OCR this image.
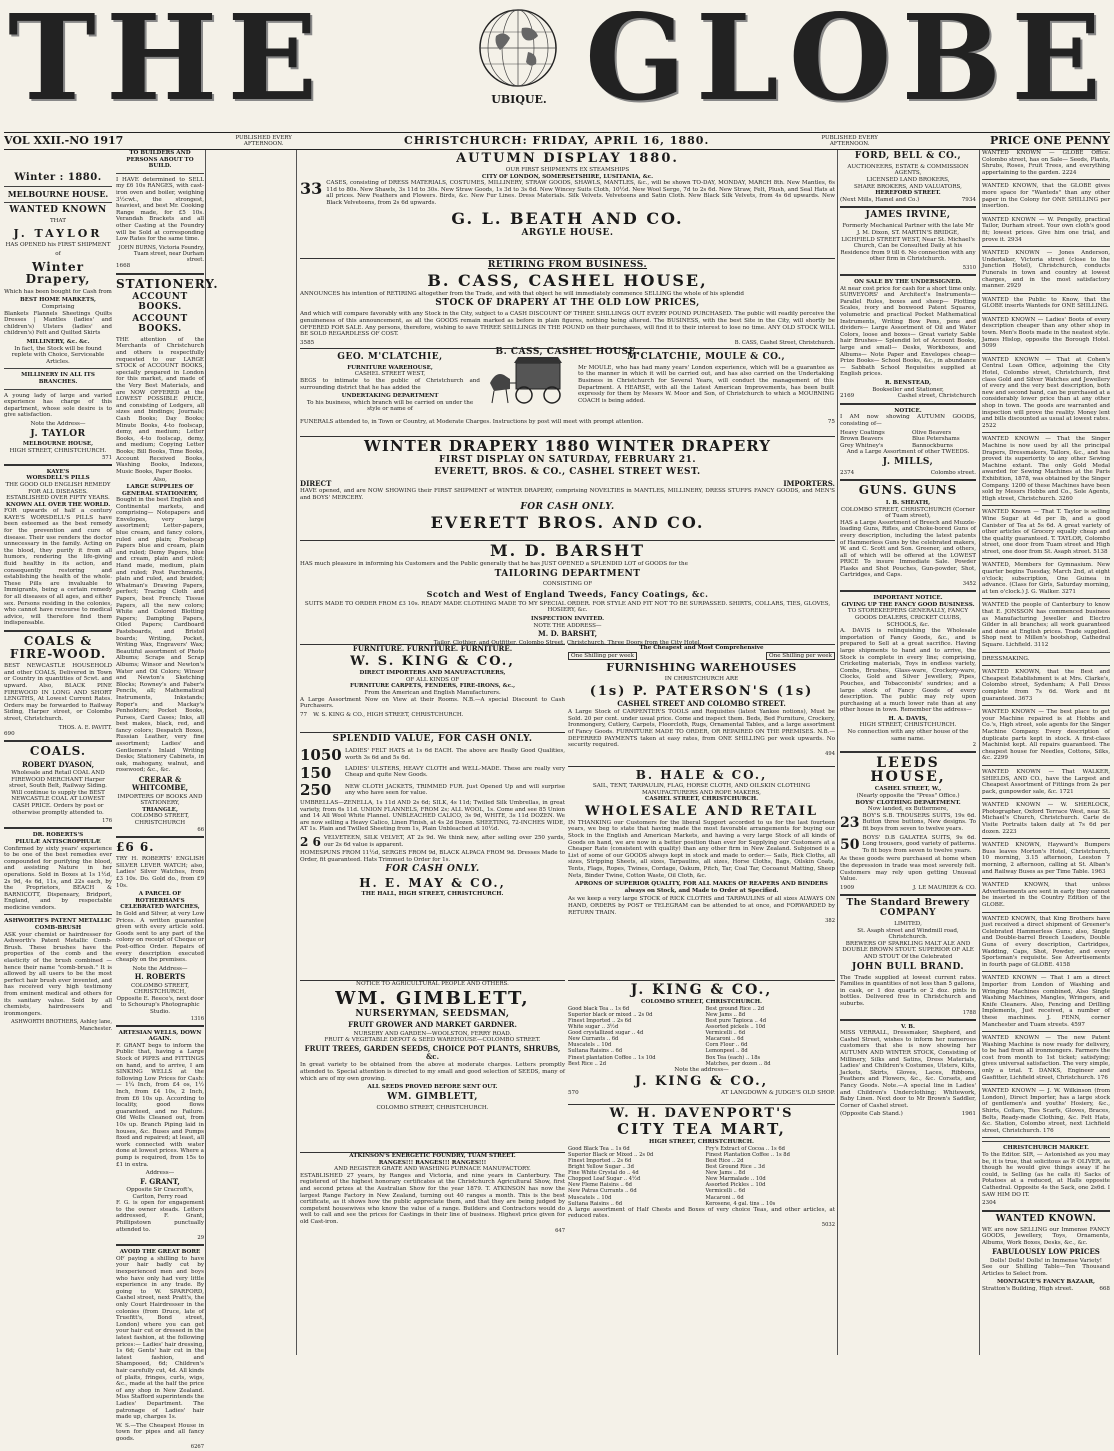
T H E	UBIQUE. G L O B E
VOL XXII.-NO 1917	PUBLISHED EVERY AFTERNOON.	CHRISTCHURCH: FRIDAY, APRIL 16, 1880.	PUBLISHED EVERY AFTERNOON.	PRICE ONE PENNY
Winter : 1880.
MELBOURNE HOUSE.
WANTED KNOWN
THAT
J. TAYLOR

HAS OPENED his FIRST SHIPMENT

of
Winter Drapery,

Which has been bought for Cash from

BEST HOME MARKETS,
Comprising

Blankets Flannels Sheetings Quilts Dresses | Mantles (ladies' and children's) Ulsters (ladies' and children's) Felt and Quilted Skirts

MILLINERY, &c. &c.

In fact, the Stock will be found replete with Choice, Serviceable Articles.

MILLINERY IN ALL ITS BRANCHES.

A young lady of large and varied experience has charge of this department, whose sole desire is to give satisfaction.

Note the Address—
J. TAYLOR
MELBOURNE HOUSE,
HIGH STREET, CHRISTCHURCH.
571
KAYE'S
WORSDELL'S PILLS
THE GOOD OLD ENGLISH REMEDY
FOR ALL DISEASES.
ESTABLISHED OVER FIFTY YEARS.
KNOWN ALL OVER THE WORLD.

FOR upwards of half a century KAYE'S WORSDELL'S PILLS have been esteemed as the best remedy for the prevention and cure of disease. Their use renders the doctor unnecessary in the family. Acting on the blood, they purify it from all humors, rendering the life-giving fluid healthy in its action, and consequently restoring and establishing the health of the whole. These Pills are invaluable to Immigrants, being a certain remedy for all diseases of all ages, and either sex. Persons residing in the colonies, who cannot have recourse to medical advice, will therefore find them indispensable.

COALS & FIRE-WOOD.

BEST NEWCASTLE HOUSEHOLD and other COALS, Delivered in Town or Country in quantities of 5cwt. and upward. Also, BLACK PINE FIREWOOD IN LONG AND SHORT LENGTHS, At Lowest Current Rates. Orders may be forwarded to Railway Siding, Harper street, or Colombo street, Christchurch.

THOS. A. E. PAVITT.
690
COALS.
ROBERT DYASON,

Wholesale and Retail COAL AND FIREWOOD MERCHANT Harper street, South Belt, Railway Siding. Will continue to supply the BEST NEWCASTLE COAL AT LOWEST CASH PRICE. Orders by post or otherwise promptly attended to.

176
DR. ROBERTS'S
PILULÆ ANTISCROPHULÆ

Confirmed by sixty years' experience to be one of the best remedies ever compounded for purifying the blood, and assisting Nature in her operations. Sold in Boxes at 1s 1½d, 2s 9d, 4s 6d, 11s, and 22s each, by the Proprietors, BEACH & BARNICOTT, Dispensary, Bridport, England, and by respectable medicine vendors.

ASHWORTH'S PATENT METALLIC COMB-BRUSH

ASK your chemist or hairdresser for Ashworth's Patent Metallic Comb-Brush. These brushes have the properties of the comb and the elasticity of the brush combined — hence their name "comb-brush." It is allowed by all users to be the most perfect hair brush ever invented, and has received very high testimony from eminent medical and others for its sanitary value. Sold by all chemists, hairdressers and ironmongers.

ASHWORTH BROTHERS, Ashley lane, Manchester.
TO BUILDERS AND PERSONS ABOUT TO BUILD.

I HAVE determined to SELL my £6 10s RANGES, with cast-iron oven and boiler, weighing 3½cwt., the strongest, heaviest, and best Mr. Cooking Range made, for £5 10s. Verandah Brackets and all other Casting at the Foundry will be Sold at corresponding Low Rates for the same time.

JOHN BURNS, Victoria Foundry,
Tuam street, near Durham street.
1668
STATIONERY.
ACCOUNT BOOKS.
ACCOUNT BOOKS.

THE attention of the Merchants of Christchurch and others is respectfully requested to our LARGE STOCK of ACCOUNT BOOKS, specially prepared in London for this market, and made of the Very Best Materials, and are NOW OFFERED at the LOWEST POSSIBLE PRICE, and consisting of Ledgers, all sizes and bindings; Journals; Cash Books; Day Books; Minute Books, 4-to foolscap, demy, and medium; Letter Books, 4-to foolscap, demy, and medium; Copying Letter Books; Bill Books, Time Books, Account Received Books, Washing Books, Indexes, Music Books, Paper Books.

Also,
LARGE SUPPLIES OF GENERAL STATIONERY,

Bought in the best English and Continental markets, and comprising— Notepapers and Envelopes, very large assortment; Letter-papers, blue cream, and fancy colors, ruled and plain; Foolscap Papers blue and cream, plain and ruled; Demy Papers, blue and cream, plain and ruled; Hand made, medium, plain and ruled; Post Parchments, plain and ruled, and braided; Whatman's Drawing Papers, perfect; Tracing Cloth and Papers, best French; Tissue Papers, all the new colors; White and Colored Blotting Papers; Dampting Papers, Oiled Papers; Cardboard Pasteboards, and Bristol boards; Writing, Pocket, Writing Wax, Engravers' Wax; Beautiful assortment of Photo Albums; Scraps and Scrap Albums; Winsor and Newton's Water and Oil Colors; Winsor and Newton's Sketching Blocks; Rowney's and Faber's Pencils, all; Mathematical Instruments, Inkstands; Roper's and Mackay's Penholders; Pocket Books, Purses, Card Cases; Inks, all best makes, black, red, and fancy colors; Despatch Boxes, Russian Leather, very fine assortment; Ladies' and Gentlemen's Inlaid Writing Desks; Stationery Cabinets, in oak, mahogany, walnut, and rosewood; &c., &c.

CRERAR & WHITCOMBE,
IMPORTERS OF BOOKS AND STATIONERY,
TRIANGLE,
COLOMBO STREET, CHRISTCHURCH
66
£6 6.

TRY H. ROBERTS' ENGLISH SILVER LEVER WATCH; also, Ladies' Silver Watches, from £3 10s. Do. Gold do., from £9 10s.

A PARCEL OF ROTHERHAM'S CELEBRATED WATCHES,

In Gold and Silver, at very Low Prices. A written guarantee given with every article sold. Goods sent to any part of the colony on receipt of Cheque or Post-office Order. Repairs of every description executed cheaply on the premises.

Note the Address—
H. ROBERTS
COLOMBO STREET, CHRISTCHURCH,
Opposite E. Reece's, next door to Schourup's Photographic Studio.
1316
ARTESIAN WELLS, DOWN AGAIN.

F. GRANT begs to inform the Public that, having a Large Stock of PIPES and FITTINGS on hand, and to arrive, I am SINKING WELLS at the following Low Prices for Cash:— 1¼ Inch, from £4 os, 1½ Inch, from £4 10s, 2 Inch, from £6 10s up. According to locality, good flows guaranteed, and no Failure. Old Wells Cleaned out, from 10s up. Branch Piping laid in houses, &c. Buses and Pumps fixed and repaired; at least, all work connected with water done at lowest prices. Where a pump is required, from 15s to £1 in extra.

Address—
F. GRANT,
Opposite Sir Cracroft's, Carlton, Ferry road

F. G. is open for engagement to the owner steads. Letters addressed, F. Grant, Phillipstown punctually attended to.

29
AVOID THE GREAT BORE

OF paying a shilling to have your hair badly cut by inexperienced men and boys who have only had very little experience in any trade. By going to W. SPARFORD, Cashel street, next Pratt's, the only Court Hairdresser in the colonies (from Druce, late of Truefitt's, Bond street, London) where you can get your hair cut or dressed in the latest fashion, at the following prices:— Ladies' hair dressing, 1s 6d; Gents' hair cut in the latest fashion, and Shampooed, 6d; Children's hair carefully cut, 4d. All kinds of plaits, fringes, curls, wigs, &c., made at the half the price of any shop in New Zealand. Miss Stafford superintends the Ladies' Department. The patronage of Ladies' hair made up, charges 1s.

W. S.—The Cheapest House in town for pipes and all fancy goods.

6267
AUTUMN DISPLAY 1880.
OUR FIRST SHIPMENTS EX STEAMSHIPS
CITY OF LONDON, SOMERSETSHIRE, LUSITANIA, &c.
33 CASES, consisting of DRESS MATERIALS, COSTUMES, MILLINERY, STRAW GOODS, SHAWLS, MANTLES, &c., will be shown TO-DAY, MONDAY, MARCH 8th. New Mantles, 6s 11d to 80s. New Shawls, 3s 11d to 30s. New Straw Goods, 1s 3d to 3s 6d. New Wincey Suits Cloth, 10½d. New Wool Serge, 7d to 2s 6d. New Straw, Felt, Plush, and Seal Hats at all prices. New Feathers and Flowers. Birds, &c. New Fur Lines. Dress Materials. Silk Velvets. Velveteens and Satin Cloth. New Black Silk Velvets, from 4s 6d upwards. New Black Velveteens, from 2s 6d upwards.

G. L. BEATH AND CO.
ARGYLE HOUSE.
RETIRING FROM BUSINESS.
B. CASS, CASHEL HOUSE,

ANNOUNCES his intention of RETIRING altogether from the Trade, and with that object he will immediately commence SELLING the whole of his splendid

STOCK OF DRAPERY AT THE OLD LOW PRICES,

And which will compare favorably with any Stock in the City, subject to a CASH DISCOUNT OF THREE SHILLINGS OUT EVERY POUND PURCHASED. The public will readily perceive the genuineness of this announcement, as all the GOODS remain marked as before in plain figures, nothing being altered. The BUSINESS, with the best Site in the City, will shortly be OFFERED FOR SALE. Any persons, therefore, wishing to save THREE SHILLINGS IN THE POUND on their purchases, will find it to their interest to lose no time. ANY OLD STOCK WILL BE SOLD REGARDLESS OF COST.

3585	B. CASS, Cashel Street, Christchurch.
B. CASS, CASHEL HOUSE.
GEO. M'CLATCHIE,
FURNITURE WAREHOUSE,
CASHEL STREET WEST,

BEGS to intimate to the public of Christchurch and surrounding district that he has added the

UNDERTAKING DEPARTMENT

To his business, which branch will be carried on under the style or name of

M'CLATCHIE, MOULE & CO.,

Mr MOULE, who has had many years' London experience, which will be a guarantee as to the manner in which it will be carried out, and has also carried on the Undertaking Business in Christchurch for Several Years, will conduct the management of this Department. A HEARSE, with all the Latest American Improvements, has been built expressly for them by Messrs W. Moor and Son, of Christchurch to which a MOURNING COACH is being added.

FUNERALS attended to, in Town or Country, at Moderate Charges. Instructions by post will meet with prompt attention.	75
WINTER DRAPERY 1880 WINTER DRAPERY
FIRST DISPLAY ON SATURDAY, FEBRUARY 21.
EVERETT, BROS. & CO., CASHEL STREET WEST.
DIRECT	IMPORTERS.

HAVE opened, and are NOW SHOWING their FIRST SHIPMENT of WINTER DRAPERY, comprising NOVELTIES in MANTLES, MILLINERY, DRESS STUFFS FANCY GOODS, and MEN'S and BOYS' MERCERY.

FOR CASH ONLY.
EVERETT BROS. AND CO.
M. D. BARSHT

HAS much pleasure in informing his Customers and the Public generally that he has JUST OPENED a SPLENDID LOT of GOODS for the

TAILORING DEPARTMENT
CONSISTING OF
Scotch and West of England Tweeds, Fancy Coatings, &c.

SUITS MADE TO ORDER FROM £3 10s. READY MADE CLOTHING MADE TO MY SPECIAL ORDER. FOR STYLE AND FIT NOT TO BE SURPASSED. SHIRTS, COLLARS, TIES, GLOVES, HOSIERY, &c.

INSPECTION INVITED.
NOTE THE ADDRESS—
M. D. BARSHT,
Tailor, Clothier, and Outfitter, Colombo Street, Christchurch, Three Doors from the City Hotel.
FURNITURE. FURNITURE. FURNITURE.
W. S. KING & CO.,
DIRECT IMPORTERS AND MANUFACTURERS,
OF ALL KINDS OF
FURNITURE CARPETS, FENDERS, FIRE-IRONS, &c.,
From the American and English Manufacturers.

A Large Assortment Now on View at their Rooms. N.B.—A special Discount to Cash Purchasers.

77 W. S. KING & CO., HIGH STREET, CHRISTCHURCH.
SPLENDID VALUE, FOR CASH ONLY.
1050 LADIES' FELT HATS at 1s 6d EACH. The above are Really Good Qualities, worth 3s 6d and 5s 6d.

150	LADIES' ULSTERS, HEAVY CLOTH and WELL-MADE. These are really very Cheap and quite New Goods.

250	NEW CLOTH JACKETS, TRIMMED FUR. Just Opened Up and will surprise any who have seen for value.

UMBRELLAS—ZENELLA, 1s 11d AND 2s 6d; SILK, 4s 11d; Twilled Silk Umbrellas, in great variety, from 6s 11d. UNION FLANNELS, FROM 2s; ALL WOOL, 1s. Come and see 85 Union and 14 All Wool White Flannel. UNBLEACHED CALICO, 3s 9d, WHITE, 3s 11d DOZEN. We are now selling a Heavy Calico, Linen Finish, at 4s 2d Dozen. SHEETING, 72-INCHES WIDE, AT 1s. Plain and Twilled Sheeting from 1s, Plain Unbleached at 10½d.

2 6 VELVETEEN, SILK VELVET, AT 2s 9d. We think new, after selling over 250 yards, our 2s 6d value is apparent.

HOMESPUNS FROM 11½d, SERGES FROM 9d, BLACK ALPACA FROM 9d. Dresses Made to Order, fit guaranteed. Hats Trimmed to Order for 1s.

FOR CASH ONLY.
H. E. MAY & CO.,
THE HALL, HIGH STREET, CHRISTCHURCH.
The Cheapest and Most Comprehensive
One Shilling per week	One Shilling per week
FURNISHING WAREHOUSES
IN CHRISTCHURCH ARE
(1s) P. PATERSON'S (1s)
CASHEL STREET AND COLOMBO STREET.

A Large Stock of CARPENTER'S TOOLS and Requisites (latest Yankee notions), Must be Sold. 20 per cent. under usual price. Come and inspect them. Beds, Bed Furniture, Crockery, Ironmongery, Cutlery, Carpets, Floorcloth, Rugs, Ornamental Tables, and a large assortment of Fancy Goods. FURNITURE MADE TO ORDER, OR REPAIRED ON THE PREMISES. N.B.—DEFERRED PAYMENTS taken at easy rates, from ONE SHILLING per week upwards. No security required.

494
B. HALE & CO.,
SAIL, TENT, TARPAULIN, FLAG, HORSE CLOTH, AND OILSKIN CLOTHING
MANUFACTURERS AND ROPE MAKERS,
CASHEL STREET, CHRISTCHURCH.
WHOLESALE AND RETAIL

IN THANKING our Customers for the liberal Support accorded to us for the last fourteen years, we beg to state that having made the most favorable arrangements for buying our Stock in the English and American Markets, and having a very large Stock of all kinds of Goods on hand, we are now in a better position than ever for Supplying our Customers at a Cheaper Rate (consistent with quality) than any other firm in New Zealand. Subjoined is a List of some of our GOODS always kept in stock and made to order:— Sails, Rick Cloths, all sizes, Stripping Sheets, all sizes, Tarpaulins, all sizes, Horse Cloths, Bags, Oilskin Coats, Tents, Flags, Ropes, Twines, Cordage, Oakum, Pitch, Tar, Coal Tar, Cocoanut Matting, Sheep Nets, Binder Twine, Cotton Waste, Oil Cloth, &c.

APRONS OF SUPERIOR QUALITY, FOR ALL MAKES OF REAPERS AND BINDERS always on Stock, and Made to Order at Specified.

As we keep a very large STOCK of RICK CLOTHS and TARPAULINS of all sizes ALWAYS ON HAND, ORDERS by POST or TELEGRAM can be attended to at once, and FORWARDED by RETURN TRAIN.

382
NOTICE TO AGRICULTURAL PEOPLE AND OTHERS.
WM. GIMBLETT,
NURSERYMAN, SEEDSMAN,
FRUIT GROWER AND MARKET GARDNER.
NURSERY AND GARDEN—WOOLSTON, FERRY ROAD.
FRUIT & VEGETABLE DEPOT & SEED WAREHOUSE—COLOMBO STREET.
FRUIT TREES, GARDEN SEEDS, CHOICE POT PLANTS, SHRUBS, &c.

In great variety to be obtained from the above at moderate charges. Letters promptly attended to. Special attention is directed to my small and good selection of SEEDS, many of which are of my own growing.

ALL SEEDS PROVED BEFORE SENT OUT.
WM. GIMBLETT,
COLOMBO STREET, CHRISTCHURCH.
ATKINSON'S ENERGETIC FOUNDRY, TUAM STREET.
RANGES!!! RANGES!!! RANGES!!!
AND REGISTER GRATE AND WASHING FURNACE MANUFACTORY.

ESTABLISHED 27 years, by Ranges and Victoria, and nine years in Canterbury. The registered of the highest honorary certificates at the Christchurch Agricultural Show, first and second prizes at the Australian Show for the year 1879. T. ATKINSON has now the largest Range Factory in New Zealand, turning out 40 ranges a month. This is the best certificate, as it shows how the public appreciate them, and that they are being judged by competent housewives who know the value of a range. Builders and Contractors would do well to call and see the prices for Castings in their line of business. Highest price given for old Cast-iron.

647
J. KING & CO.,
COLOMBO STREET, CHRISTCHURCH.
Good black Tea .. 1s 6d	Best ground Rice .. 2d
Superior black or mixed .. 2s 0d	New Jams .. 8d
Finest Imported .. 2s 6d	Best pure Tapioca .. 4d
White sugar .. 3½d	Assorted pickels .. 10d
Good crystallized sugar .. 4d	Vermicelli .. 6d
New Currants .. 6d	Macaroni .. 6d
Muscatels .. 10d	Corn Flour .. 6d
Sultana Raisins .. 6d	Lemonpeel .. 8d
Finest plantation Coffee .. 1s 10d	Box Tea (each) .. 18s
Best Rice .. 2d	Matches, per dozen .. 8d
Note the address—
J. KING & CO.,
570	AT LANGDOWN & JUDGE'S OLD SHOP.
W. H. DAVENPORT'S
CITY TEA MART,
HIGH STREET, CHRISTCHURCH.
Good Black Tea .. 1s 6d	Fry's Extract of Cocoa .. 1s 6d
Superior Black or Mixed .. 2s 0d	Finest Plantation Coffee .. 1s 8d
Finest Imported .. 2s 6d	Best Rice .. 2d
Bright Yellow Sugar .. 3d	Best Ground Rice .. 3d
Fine White Crystal do .. 4d	New Jams .. 8d
Chopped Loaf Sugar .. 4½d	New Marmalade .. 10d
New Fleme Raisins .. 6d	Assorted Pickles .. 10d
New Patras Currants .. 6d	Vermicelli .. 6d
Muscatels .. 10d	Macaroni .. 6d
Sultana Raisins .. 6d	Kerosene, 4 gal. tins .. 10s

A large assortment of Half Chests and Boxes of very choice Teas, and other articles, at reduced rates.

5032
FORD, BELL & CO.,
AUCTIONEERS, ESTATE & COMMISSION AGENTS,
LICENSED LAND BROKERS,
SHARE BROKERS, AND VALUATORS,
HEREFORD STREET.
(Next Mills, Hamel and Co.)	7934
JAMES IRVINE,

Formerly Mechanical Partner with the late Mr J. M. Dixon, ST. MARTIN'S BRIDGE, LICHFIELD STREET WEST, Near St. Michael's Church, Can be Consulted Daily at his Residence from 9 till 6. No connection with any other firm in Christchurch.

5310
ON SALE BY THE UNDERSIGNED.

At near cost price for cash for a short time only. SURVEYORS' and Architect's Instruments— Parallel Rules, boxes and sheep— Plotting Scales, ivory and boxwood Patent Squares, volumetric and practical Pocket Mathematical Instruments, Writing Bow Pens, pens and dividers— Large Assortment of Oil and Water Colors, loose and boxes— Great variety Sable hair Brushes— Splendid lot of Account Books, large and small— Desks, Workboxes, and Albums— Note Paper and Envelopes cheap— Prize Books— School Books, &c., in abundance— Sabbath School Requisites supplied at English prices.

R. BENSTEAD,
Bookseller and Stationer,
2169	Cashel street, Christchurch
NOTICE.

I AM now showing AUTUMN GOODS, consisting of—

Heavy Coatings	Olive Beavers
Brown Beavers	Blue Petershams
Grey Whitney's	Bannockburns
And a Large Assortment of other TWEEDS.
J. MILLS,
2374	Colombo street.
GUNS. GUNS
I. B. SHEATH,
COLOMBO STREET, CHRISTCHURCH (Corner of Tuam street),

HAS a Large Assortment of Breech and Muzzle-loading Guns, Rifles, and Choke-bored Guns of every description, including the latest patents of Hammerless Guns by the celebrated makers, W. and C. Scott and Son. Greener, and others, all of which will be offered at the LOWEST PRICE To insure Immediate Sale. Powder Flasks and Shot Pouches, Gun-powder, Shot, Cartridges, and Caps.

3452
IMPORTANT NOTICE.
GIVING UP THE FANCY GOOD BUSINESS.
TO STOREKEEPERS GENERALLY, FANCY GOODS DEALERS, CRICKET CLUBS, SCHOOLS, &c.

A. DAVIS is relinquishing the Wholesale importation of Fancy Goods, &c., and is prepared to Sell at a great sacrifice. Having large shipments to hand and to arrive, the Stock is complete in every line; comprising, Cricketing materials, Toys in endless variety, Combs, Brushes, Glass-ware, Crockery-ware, Clocks, Gold and Silver Jewellery, Pipes, Pouches, and Tobacconists' sundries; and a large stock of Fancy Goods of every description. The public may rely upon purchasing at a much lower rate than at any other house in town. Remember the address—

H. A. DAVIS,
HIGH STREET, CHRISTCHURCH.
No connection with any other house of the same name.
2
LEEDS HOUSE,
CASHEL STREET, W.,
(Nearly opposite the "Press" Office.)
BOYS' CLOTHING DEPARTMENT.
Now landed, ex Buttermere,
23 BOY'S S.B. TROUSERS SUITS, 19s 6d. Button three buttons, New designs. To fit boys from seven to twelve years.

50 BOYS' D.B GALATEA SUITS, 9s 6d. Long trousers, good variety of patterns. To fit boys from seven to twelve years.

As these goods were purchased at home when the depression in trade was most severely felt. Customers may rely upon getting Unusual Value.

1909	J. LE MAURIER & CO.
The Standard Brewery COMPANY
LIMITED,
St. Asaph street and Windmill road, Christchurch.

BREWERS OF SPARKLING MALT ALE AND DOUBLE BROWN STOUT. SUPERIOR OF ALE AND STOUT Of the Celebrated

JOHN BULL BRAND.

The Trade supplied at lowest current rates. Families in quantities of not less than 5 gallons, in cask, or 1 doz quarts or 2 doz. pints in bottles. Delivered free in Christchurch and suburbs.

1788
V. B.

MISS VERRALL, Dressmaker, Shepherd, and Cashel Street, wishes to inform her numerous customers that she is now showing her AUTUMN AND WINTER STOCK, Consisting of Millinery, Silks and Satins, Dress Materials, Ladies' and Children's Costumes, Ulsters, Kilts, Jackets, Skirts, Gloves, Laces, Ribbons, Feathers and Flowers, &c., &c. Corsets, and Fancy Goods. Note.—A special line in Ladies' and Children's Underclothing; Whitework, Baby Linen. Next door to Mr Brown's Saddler, Corner of Cashel street.

(Opposite Cab Stand.)	1961

WANTED KNOWN — GLOBE Office. Colombo street, has on Sale— Seeds, Plants, Shrubs, Roses, Fruit Trees, and everything appertaining to the garden. 2224

WANTED KNOWN, that the GLOBE gives more space for "Wanteds" than any other paper in the Colony for ONE SHILLING per insertion.

WANTED KNOWN — W. Pengelly, practical Tailor, Durham street. Your own cloth's good fit; lowest prices. Give him one trial, and prove it. 2934

WANTED KNOWN — Jones Anderson, Undertaker, Victoria street (close to the Junction Hotel), Christchurch, conducts Funerals in town and country at lowest charges, and in the most satisfactory manner. 2929

WANTED the Public to Know, that the GLOBE inserts Wanteds for ONE SHILLING.

WANTED KNOWN — Ladies' Boots of every description cheaper than any other shop in town. Men's Boots made in the neatest style. James Hislop, opposite the Borough Hotel. 5099

WANTED KNOWN — That at Cohen's Central Loan Office, adjoining the City Hotel, Colombo street, Christchurch, first class Gold and Silver Watches and Jewellery of every and the very best description, both new and second hand, can be purchased at a considerably lower price than at any other shop in town. The goods are warranted and inspection will prove the reality. Money lent and bills discounted as usual at lowest rates. 2522

WANTED KNOWN — That the Singer Machine is now used by all the principal Drapers, Dressmakers, Tailors, &c., and has proved its superiority to any other Sewing Machine extant. The only Gold Medal awarded for Sewing Machines at the Paris Exhibition, 1878, was obtained by the Singer Company. 1200 of these Machines have been sold by Messrs Hobbs and Co., Sole Agents, High street, Christchurch. 3260

WANTED Known — That T. Taylor is selling Wine Sugar at 4d per lb, and a good Canister of Tea at 5s 6d. A great variety of other articles of Grocery equally cheap and the quality guaranteed. T. TAYLOR, Colombo street, one door from Tuam street and High street, one door from St. Asaph street. 5138

WANTED, Members for Gymnasium. New quarter begins Tuesday, March 2nd, at eight o'clock; subscription, One Guinea in advance. (Class for Girls, Saturday morning, at ten o'clock.) J. G. Walker. 3271

WANTED the people of Canterbury to know that E. JONSSON has commenced business as Manufacturing Jeweller and Electro Gilder in all branches; all work guaranteed and done at English prices. Trade supplied. Shop next to Millen's bootshop, Cathedral Square. Lichfield. 3112

DRESSMAKING.

WANTED KNOWN, that the Best and Cheapest Establishment is at Mrs. Clarke's, Colombo street, Sydenham; A Full Dress complete from 7s 6d. Work and fit guaranteed. 3673

WANTED KNOWN — The best place to get your Machine repaired is at Hobbs and Co.'s, High street, sole agents for the Singer Machine Company. Every description of duplicate parts kept in stock. A first-class Machinist kept. All repairs guaranteed. The cheapest house for Needles, Cottons, Silks, &c. 2299

WANTED KNOWN — That WALKER, SHIELDS, AND CO., have the Largest and Cheapest Assortment of Fittings from 2s per pack, gunpowder sale, &c. 1721

WANTED KNOWN — W. SHERLOCK, Photographer, Oxford Terrace West, near St. Michael's Church, Christchurch. Carte de Visite Portraits taken daily at 7s 6d per dozen. 2223

WANTED KNOWN, Hayward's Bumpers Buss leaves Morton's Hotel, Christchurch, 10 morning, 3.15 afternoon, Leeston 7 morning, 2 afternoon, calling at St. Alban's and Railway Buses as per Time Table. 1963

WANTED KNOWN, that unless Advertisements are sent in early they cannot be inserted in the Country Edition of the GLOBE.

WANTED KNOWN, that King Brothers have just received a direct shipment of Greener's Celebrated Hammerless Guns; also, Single and Double-barrel Breech Loaders, Double Guns of every description, Cartridges, Wadding, Caps, Shot, Powder, and every Sportsman's requisite. See Advertisements in fourth page of GLOBE. 4158

WANTED KNOWN — That I am a direct Importer from London of Washing and Wringing Machines combined, Also Single Washing Machines, Mangles, Wringers, and Knife Cleaners. Also, Fencing and Drilling Implements, Just received, a number of these machines. J. FENN, corner Manchester and Tuam streets. 4597

WANTED KNOWN — The new Patent Washing Machine is now ready for delivery, to be had from all ironmongers. Farmers the cost from month to 1st ticket; satisfying; gives universal satisfaction. The very simple, only a trial. T. DANKS, Engineer and Gasfitter, Lichfield street, Christchurch. 176

WANTED KNOWN — J. W. Wilkinson (from London), Direct Importer, has a large stock of gentlemen's and youths' Hosiery, &c., Shirts, Collars, Ties Scarfs, Gloves, Braces, Belts, Ready-made Clothing, &c. Felt Hats, &c. Station, Colombo street, next Lichfield street, Christchurch. 176

CHRISTCHURCH MARKET.

To the Editor. SIR, — Astonished as you may be, it is true, that solicitous as P. OLIVER, as though he would give things away if he could, is Selling (as he calls it) Sacks of Potatoes at a reduced, at Halls opposite Cathedral. Opposite 4s the Sack, one 2s6d. I SAW HIM DO IT.

2304
WANTED KNOWN.

WE are now SELLING our Immense FANCY GOODS, Jewellery, Toys, Ornaments, Albums, Work Boxes, Desks, &c., &c.

FABULOUSLY LOW PRICES
Dolls! Dolls! Dolls! in Immense Variety!

See our Shilling Table—Ten Thousand Articles to Select from.

MONTAGUE'S FANCY BAZAAR,
Stratton's Building, High street.	668
